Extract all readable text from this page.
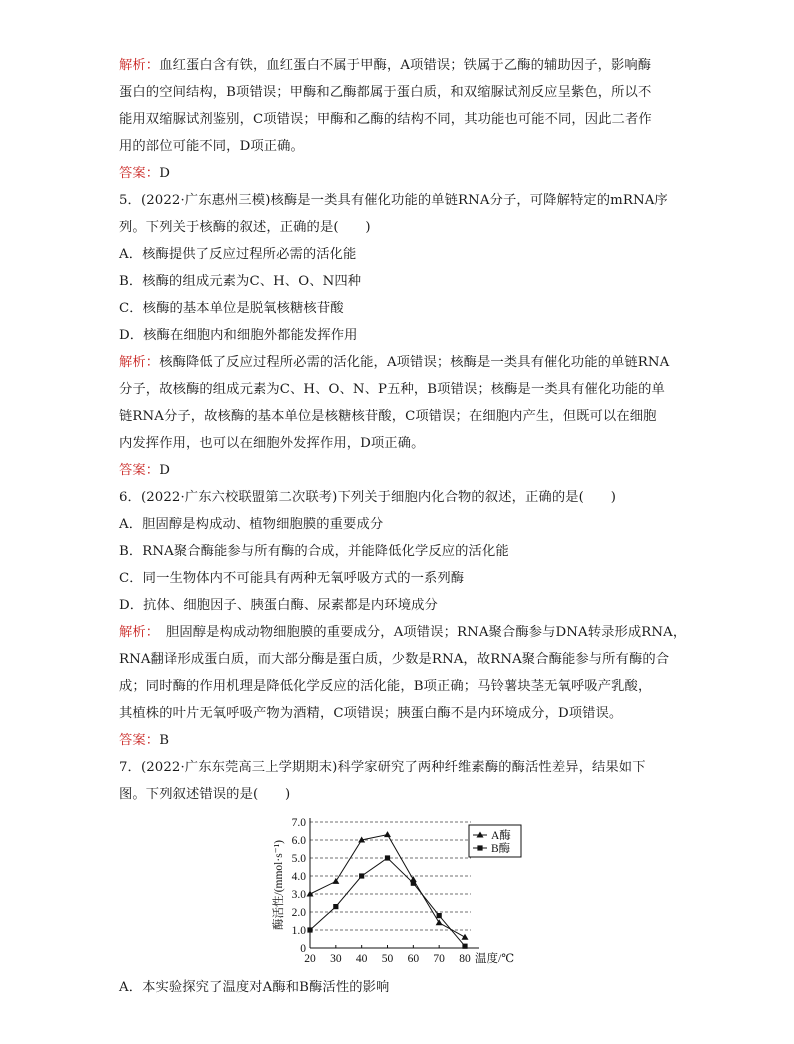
解析：血红蛋白含有铁，血红蛋白不属于甲酶，A项错误；铁属于乙酶的辅助因子，影响酶
蛋白的空间结构，B项错误；甲酶和乙酶都属于蛋白质，和双缩脲试剂反应呈紫色，所以不
能用双缩脲试剂鉴别，C项错误；甲酶和乙酶的结构不同，其功能也可能不同，因此二者作
用的部位可能不同，D项正确。
答案：D
5．(2022·广东惠州三模)核酶是一类具有催化功能的单链RNA分子，可降解特定的mRNA序
列。下列关于核酶的叙述，正确的是(　　)
A．核酶提供了反应过程所必需的活化能
B．核酶的组成元素为C、H、O、N四种
C．核酶的基本单位是脱氧核糖核苷酸
D．核酶在细胞内和细胞外都能发挥作用
解析：核酶降低了反应过程所必需的活化能，A项错误；核酶是一类具有催化功能的单链RNA
分子，故核酶的组成元素为C、H、O、N、P五种，B项错误；核酶是一类具有催化功能的单
链RNA分子，故核酶的基本单位是核糖核苷酸，C项错误；在细胞内产生，但既可以在细胞
内发挥作用，也可以在细胞外发挥作用，D项正确。
答案：D
6．(2022·广东六校联盟第二次联考)下列关于细胞内化合物的叙述，正确的是(　　)
A．胆固醇是构成动、植物细胞膜的重要成分
B．RNA聚合酶能参与所有酶的合成，并能降低化学反应的活化能
C．同一生物体内不可能具有两种无氧呼吸方式的一系列酶
D．抗体、细胞因子、胰蛋白酶、尿素都是内环境成分
解析：　胆固醇是构成动物细胞膜的重要成分，A项错误；RNA聚合酶参与DNA转录形成RNA，
RNA翻译形成蛋白质，而大部分酶是蛋白质，少数是RNA，故RNA聚合酶能参与所有酶的合
成；同时酶的作用机理是降低化学反应的活化能，B项正确；马铃薯块茎无氧呼吸产乳酸，
其植株的叶片无氧呼吸产物为酒精，C项错误；胰蛋白酶不是内环境成分，D项错误。
答案：B
7．(2022·广东东莞高三上学期期末)科学家研究了两种纤维素酶的酶活性差异，结果如下
图。下列叙述错误的是(　　)
0
1.0
2.0
3.0
4.0
5.0
6.0
7.0
20 30 40 50 60 70 80 温度/℃
酶活性/(mmol·s⁻¹)
A酶
B酶
A．本实验探究了温度对A酶和B酶活性的影响
